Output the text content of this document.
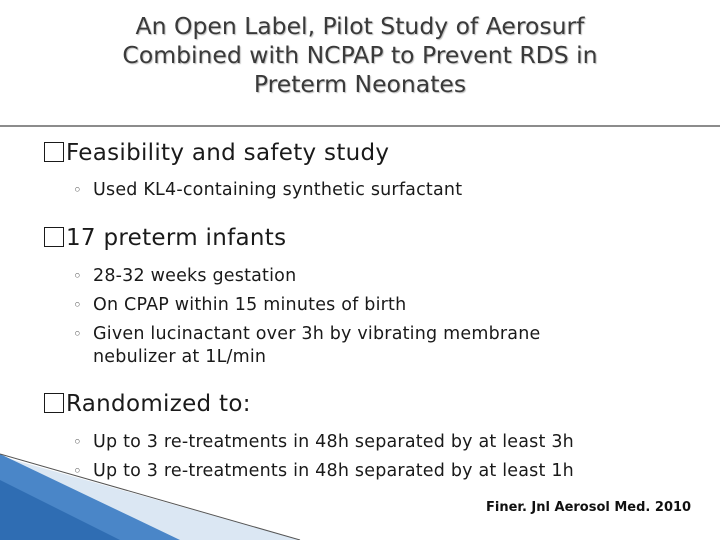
An Open Label, Pilot Study of Aerosurf
Combined with NCPAP to Prevent RDS in
Preterm Neonates
Feasibility and safety study
◦ Used KL4-containing synthetic surfactant
17 preterm infants
◦ 28-32 weeks gestation
◦ On CPAP within 15 minutes of birth
◦ Given lucinactant over 3h by vibrating membrane
nebulizer at 1L/min
Randomized to:
◦ Up to 3 re-treatments in 48h separated by at least 3h
◦ Up to 3 re-treatments in 48h separated by at least 1h
Finer. Jnl Aerosol Med. 2010
